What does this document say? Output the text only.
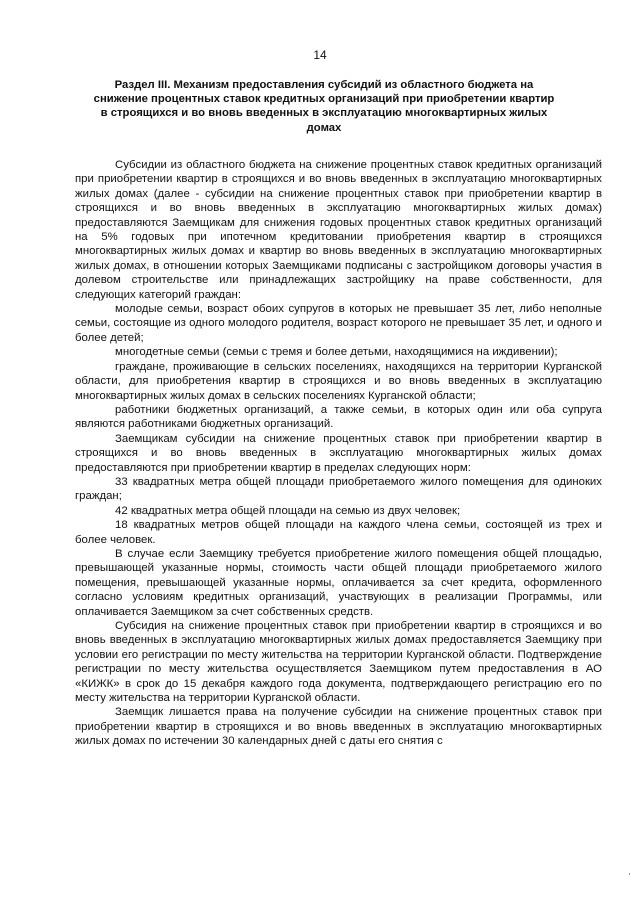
14
Раздел III. Механизм предоставления субсидий из областного бюджета на снижение процентных ставок кредитных организаций при приобретении квартир в строящихся и во вновь введенных в эксплуатацию многоквартирных жилых домах

Субсидии из областного бюджета на снижение процентных ставок кредитных организаций при приобретении квартир в строящихся и во вновь введенных в эксплуатацию многоквартирных жилых домах (далее - субсидии на снижение процентных ставок при приобретении квартир в строящихся и во вновь введенных в эксплуатацию многоквартирных жилых домах) предоставляются Заемщикам для снижения годовых процентных ставок кредитных организаций на 5% годовых при ипотечном кредитовании приобретения квартир в строящихся многоквартирных жилых домах и квартир во вновь введенных в эксплуатацию многоквартирных жилых домах, в отношении которых Заемщиками подписаны с застройщиком договоры участия в долевом строительстве или принадлежащих застройщику на праве собственности, для следующих категорий граждан:

молодые семьи, возраст обоих супругов в которых не превышает 35 лет, либо неполные семьи, состоящие из одного молодого родителя, возраст которого не превышает 35 лет, и одного и более детей;

многодетные семьи (семьи с тремя и более детьми, находящимися на иждивении);

граждане, проживающие в сельских поселениях, находящихся на территории Курганской области, для приобретения квартир в строящихся и во вновь введенных в эксплуатацию многоквартирных жилых домах в сельских поселениях Курганской области;

работники бюджетных организаций, а также семьи, в которых один или оба супруга являются работниками бюджетных организаций.

Заемщикам субсидии на снижение процентных ставок при приобретении квартир в строящихся и во вновь введенных в эксплуатацию многоквартирных жилых домах предоставляются при приобретении квартир в пределах следующих норм:

33 квадратных метра общей площади приобретаемого жилого помещения для одиноких граждан;

42 квадратных метра общей площади на семью из двух человек;

18 квадратных метров общей площади на каждого члена семьи, состоящей из трех и более человек.

В случае если Заемщику требуется приобретение жилого помещения общей площадью, превышающей указанные нормы, стоимость части общей площади приобретаемого жилого помещения, превышающей указанные нормы, оплачивается за счет кредита, оформленного согласно условиям кредитных организаций, участвующих в реализации Программы, или оплачивается Заемщиком за счет собственных средств.

Субсидия на снижение процентных ставок при приобретении квартир в строящихся и во вновь введенных в эксплуатацию многоквартирных жилых домах предоставляется Заемщику при условии его регистрации по месту жительства на территории Курганской области. Подтверждение регистрации по месту жительства осуществляется Заемщиком путем предоставления в АО «КИЖК» в срок до 15 декабря каждого года документа, подтверждающего регистрацию его по месту жительства на территории Курганской области.

Заемщик лишается права на получение субсидии на снижение процентных ставок при приобретении квартир в строящихся и во вновь введенных в эксплуатацию многоквартирных жилых домах по истечении 30 календарных дней с даты его снятия с
